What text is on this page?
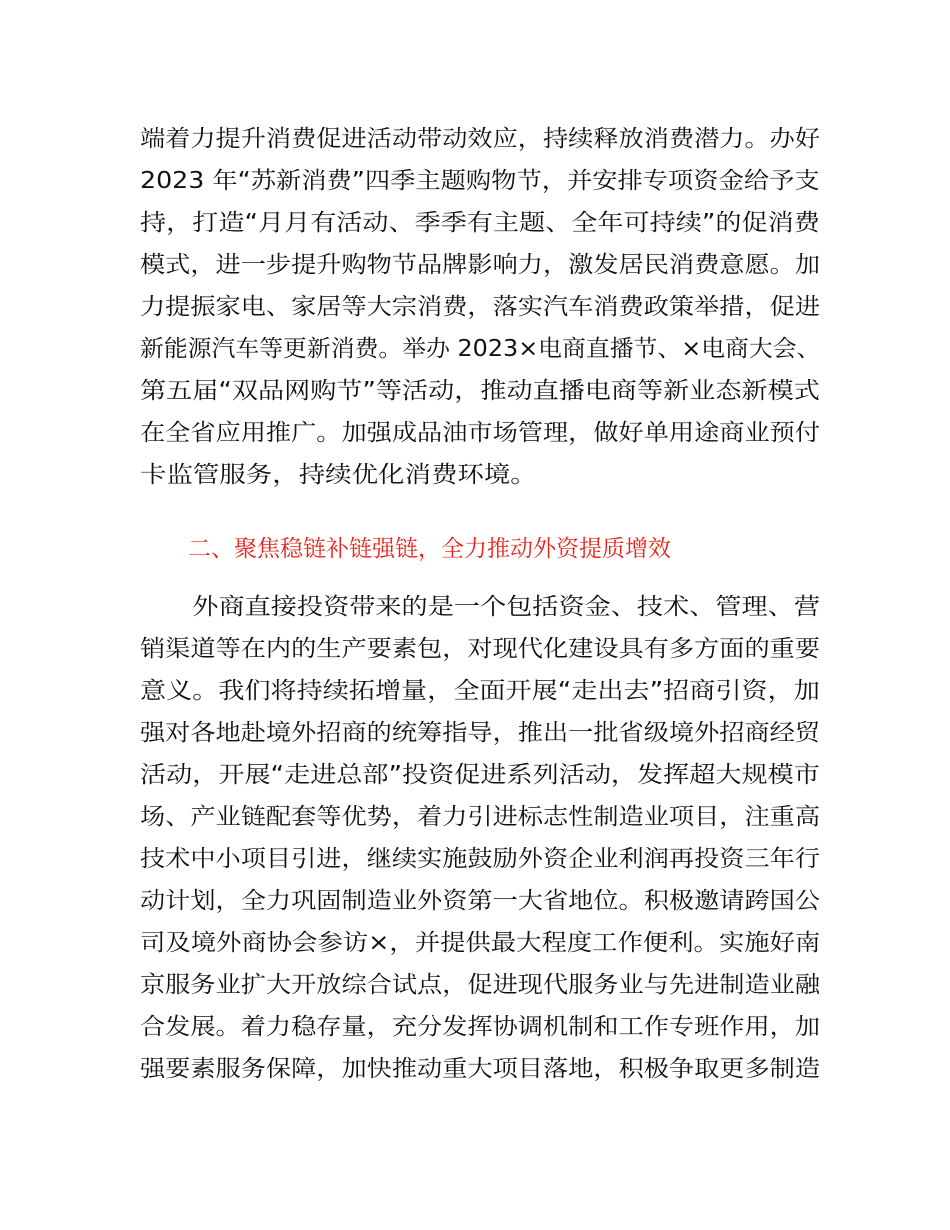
端着力提升消费促进活动带动效应，持续释放消费潜力。办好
2023 年“苏新消费”四季主题购物节，并安排专项资金给予支
持，打造“月月有活动、季季有主题、全年可持续”的促消费
模式，进一步提升购物节品牌影响力，激发居民消费意愿。加
力提振家电、家居等大宗消费，落实汽车消费政策举措，促进
新能源汽车等更新消费。举办 2023×电商直播节、×电商大会、
第五届“双品网购节”等活动，推动直播电商等新业态新模式
在全省应用推广。加强成品油市场管理，做好单用途商业预付
卡监管服务，持续优化消费环境。
二、聚焦稳链补链强链，全力推动外资提质增效
　　外商直接投资带来的是一个包括资金、技术、管理、营
销渠道等在内的生产要素包，对现代化建设具有多方面的重要
意义。我们将持续拓增量，全面开展“走出去”招商引资，加
强对各地赴境外招商的统筹指导，推出一批省级境外招商经贸
活动，开展“走进总部”投资促进系列活动，发挥超大规模市
场、产业链配套等优势，着力引进标志性制造业项目，注重高
技术中小项目引进，继续实施鼓励外资企业利润再投资三年行
动计划，全力巩固制造业外资第一大省地位。积极邀请跨国公
司及境外商协会参访×，并提供最大程度工作便利。实施好南
京服务业扩大开放综合试点，促进现代服务业与先进制造业融
合发展。着力稳存量，充分发挥协调机制和工作专班作用，加
强要素服务保障，加快推动重大项目落地，积极争取更多制造
